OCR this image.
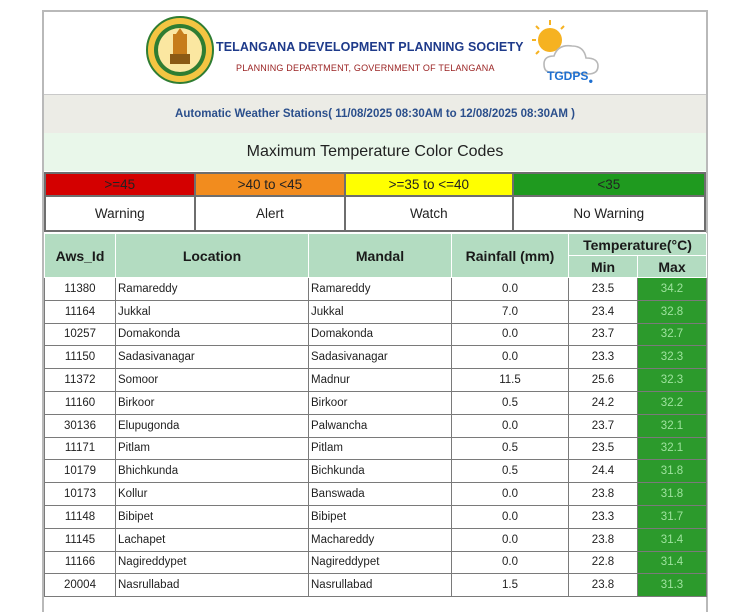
TELANGANA DEVELOPMENT PLANNING SOCIETY
PLANNING DEPARTMENT, GOVERNMENT OF TELANGANA
$TGDPS_●$
Automatic Weather Stations( 11/08/2025 08:30AM to 12/08/2025 08:30AM )
Maximum Temperature Color Codes
>=45	>40 to <45	>=35 to <=40	<35
Warning	Alert	Watch	No Warning
Aws_Id	Location	Mandal	Rainfall (mm)	Temperature(°C)	
				Min	Max
11380	Ramareddy	Ramareddy	0.0	23.5	34.2
11164	Jukkal	Jukkal	7.0	23.4	32.8
10257	Domakonda	Domakonda	0.0	23.7	32.7
11150	Sadasivanagar	Sadasivanagar	0.0	23.3	32.3
11372	Somoor	Madnur	11.5	25.6	32.3
11160	Birkoor	Birkoor	0.5	24.2	32.2
30136	Elupugonda	Palwancha	0.0	23.7	32.1
11171	Pitlam	Pitlam	0.5	23.5	32.1
10179	Bhichkunda	Bichkunda	0.5	24.4	31.8
10173	Kollur	Banswada	0.0	23.8	31.8
11148	Bibipet	Bibipet	0.0	23.3	31.7
11145	Lachapet	Machareddy	0.0	23.8	31.4
11166	Nagireddypet	Nagireddypet	0.0	22.8	31.4
20004	Nasrullabad	Nasrullabad	1.5	23.8	31.3
